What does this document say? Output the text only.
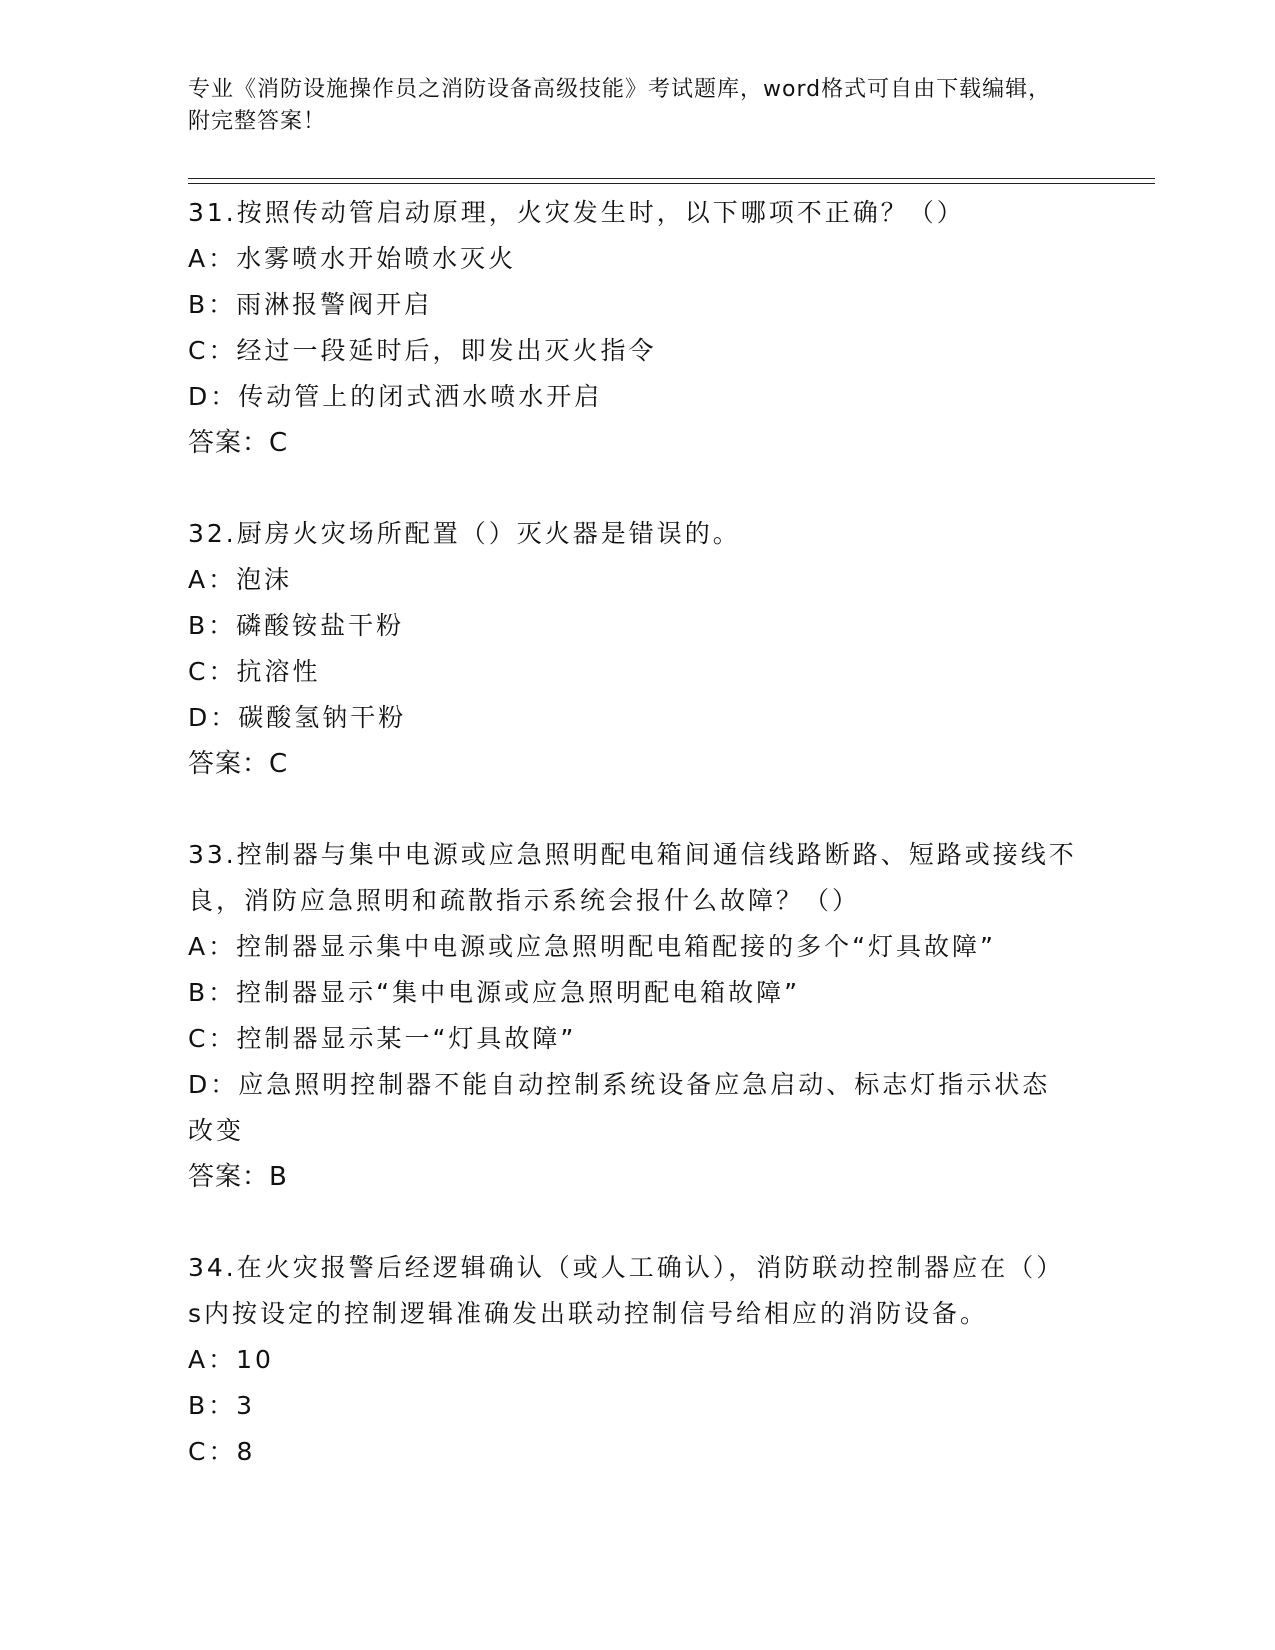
专业《消防设施操作员之消防设备高级技能》考试题库，word格式可自由下载编辑，附完整答案！
31.按照传动管启动原理，火灾发生时，以下哪项不正确？（）
A：水雾喷水开始喷水灭火
B：雨淋报警阀开启
C：经过一段延时后，即发出灭火指令
D：传动管上的闭式洒水喷水开启
答案：C
32.厨房火灾场所配置（）灭火器是错误的。
A：泡沫
B：磷酸铵盐干粉
C：抗溶性
D：碳酸氢钠干粉
答案：C
33.控制器与集中电源或应急照明配电箱间通信线路断路、短路或接线不良，消防应急照明和疏散指示系统会报什么故障？（）
A：控制器显示集中电源或应急照明配电箱配接的多个“灯具故障”
B：控制器显示“集中电源或应急照明配电箱故障”
C：控制器显示某一“灯具故障”
D：应急照明控制器不能自动控制系统设备应急启动、标志灯指示状态改变
答案：B
34.在火灾报警后经逻辑确认（或人工确认），消防联动控制器应在（）s内按设定的控制逻辑准确发出联动控制信号给相应的消防设备。
A：10
B：3
C：8
